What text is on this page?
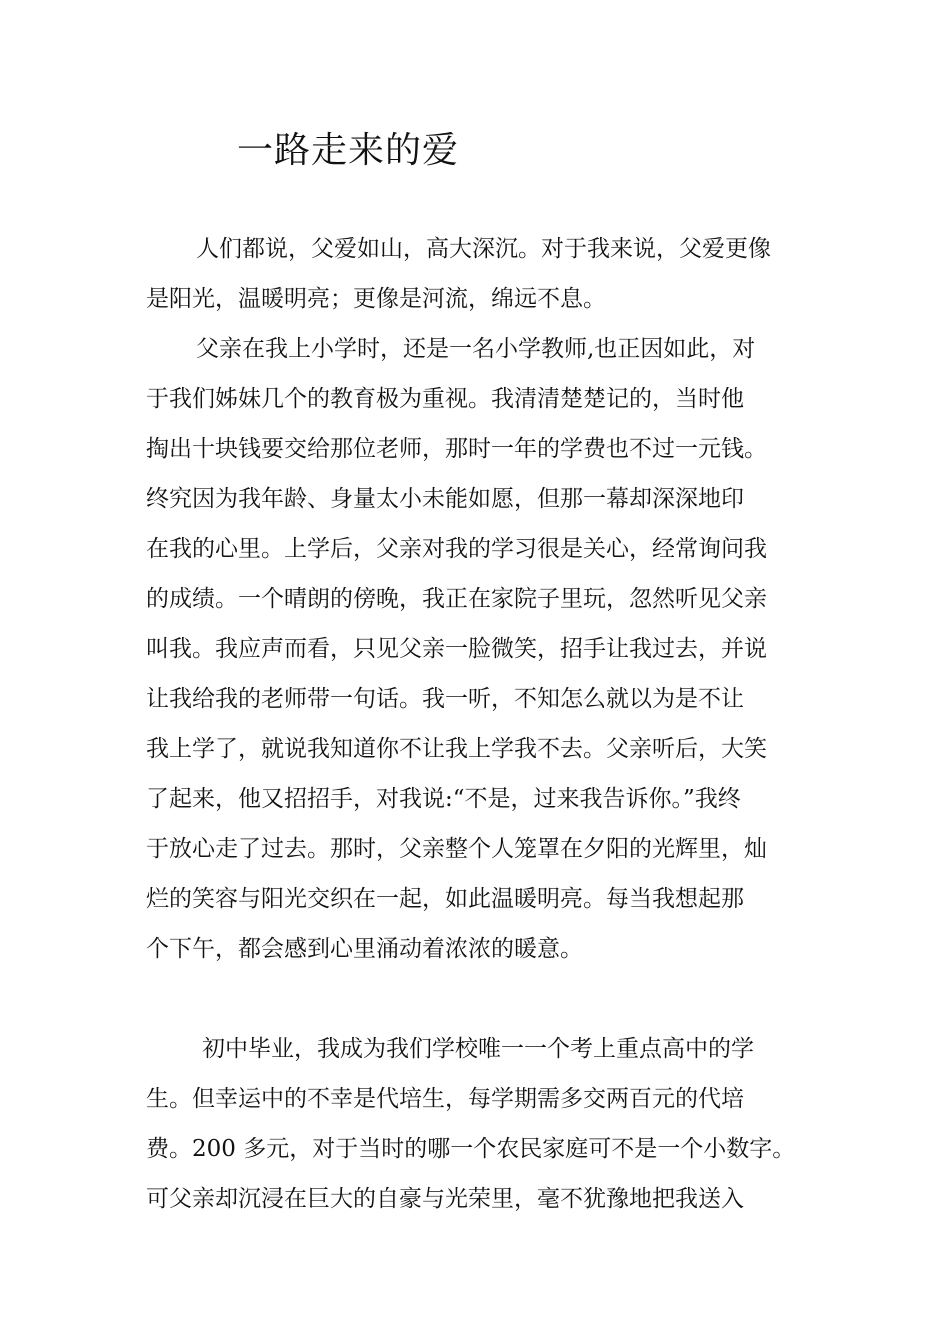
一路走来的爱
人们都说，父爱如山，高大深沉。对于我来说，父爱更像
是阳光，温暖明亮；更像是河流，绵远不息。
父亲在我上小学时，还是一名小学教师,也正因如此，对
于我们姊妹几个的教育极为重视。我清清楚楚记的，当时他
掏出十块钱要交给那位老师，那时一年的学费也不过一元钱。
终究因为我年龄、身量太小未能如愿，但那一幕却深深地印
在我的心里。上学后，父亲对我的学习很是关心，经常询问我
的成绩。一个晴朗的傍晚，我正在家院子里玩，忽然听见父亲
叫我。我应声而看，只见父亲一脸微笑，招手让我过去，并说
让我给我的老师带一句话。我一听，不知怎么就以为是不让
我上学了，就说我知道你不让我上学我不去。父亲听后，大笑
了起来，他又招招手，对我说:“不是，过来我告诉你。”我终
于放心走了过去。那时，父亲整个人笼罩在夕阳的光辉里，灿
烂的笑容与阳光交织在一起，如此温暖明亮。每当我想起那
个下午，都会感到心里涌动着浓浓的暖意。
初中毕业，我成为我们学校唯一一个考上重点高中的学
生。但幸运中的不幸是代培生，每学期需多交两百元的代培
费。200 多元，对于当时的哪一个农民家庭可不是一个小数字。
可父亲却沉浸在巨大的自豪与光荣里，毫不犹豫地把我送入
